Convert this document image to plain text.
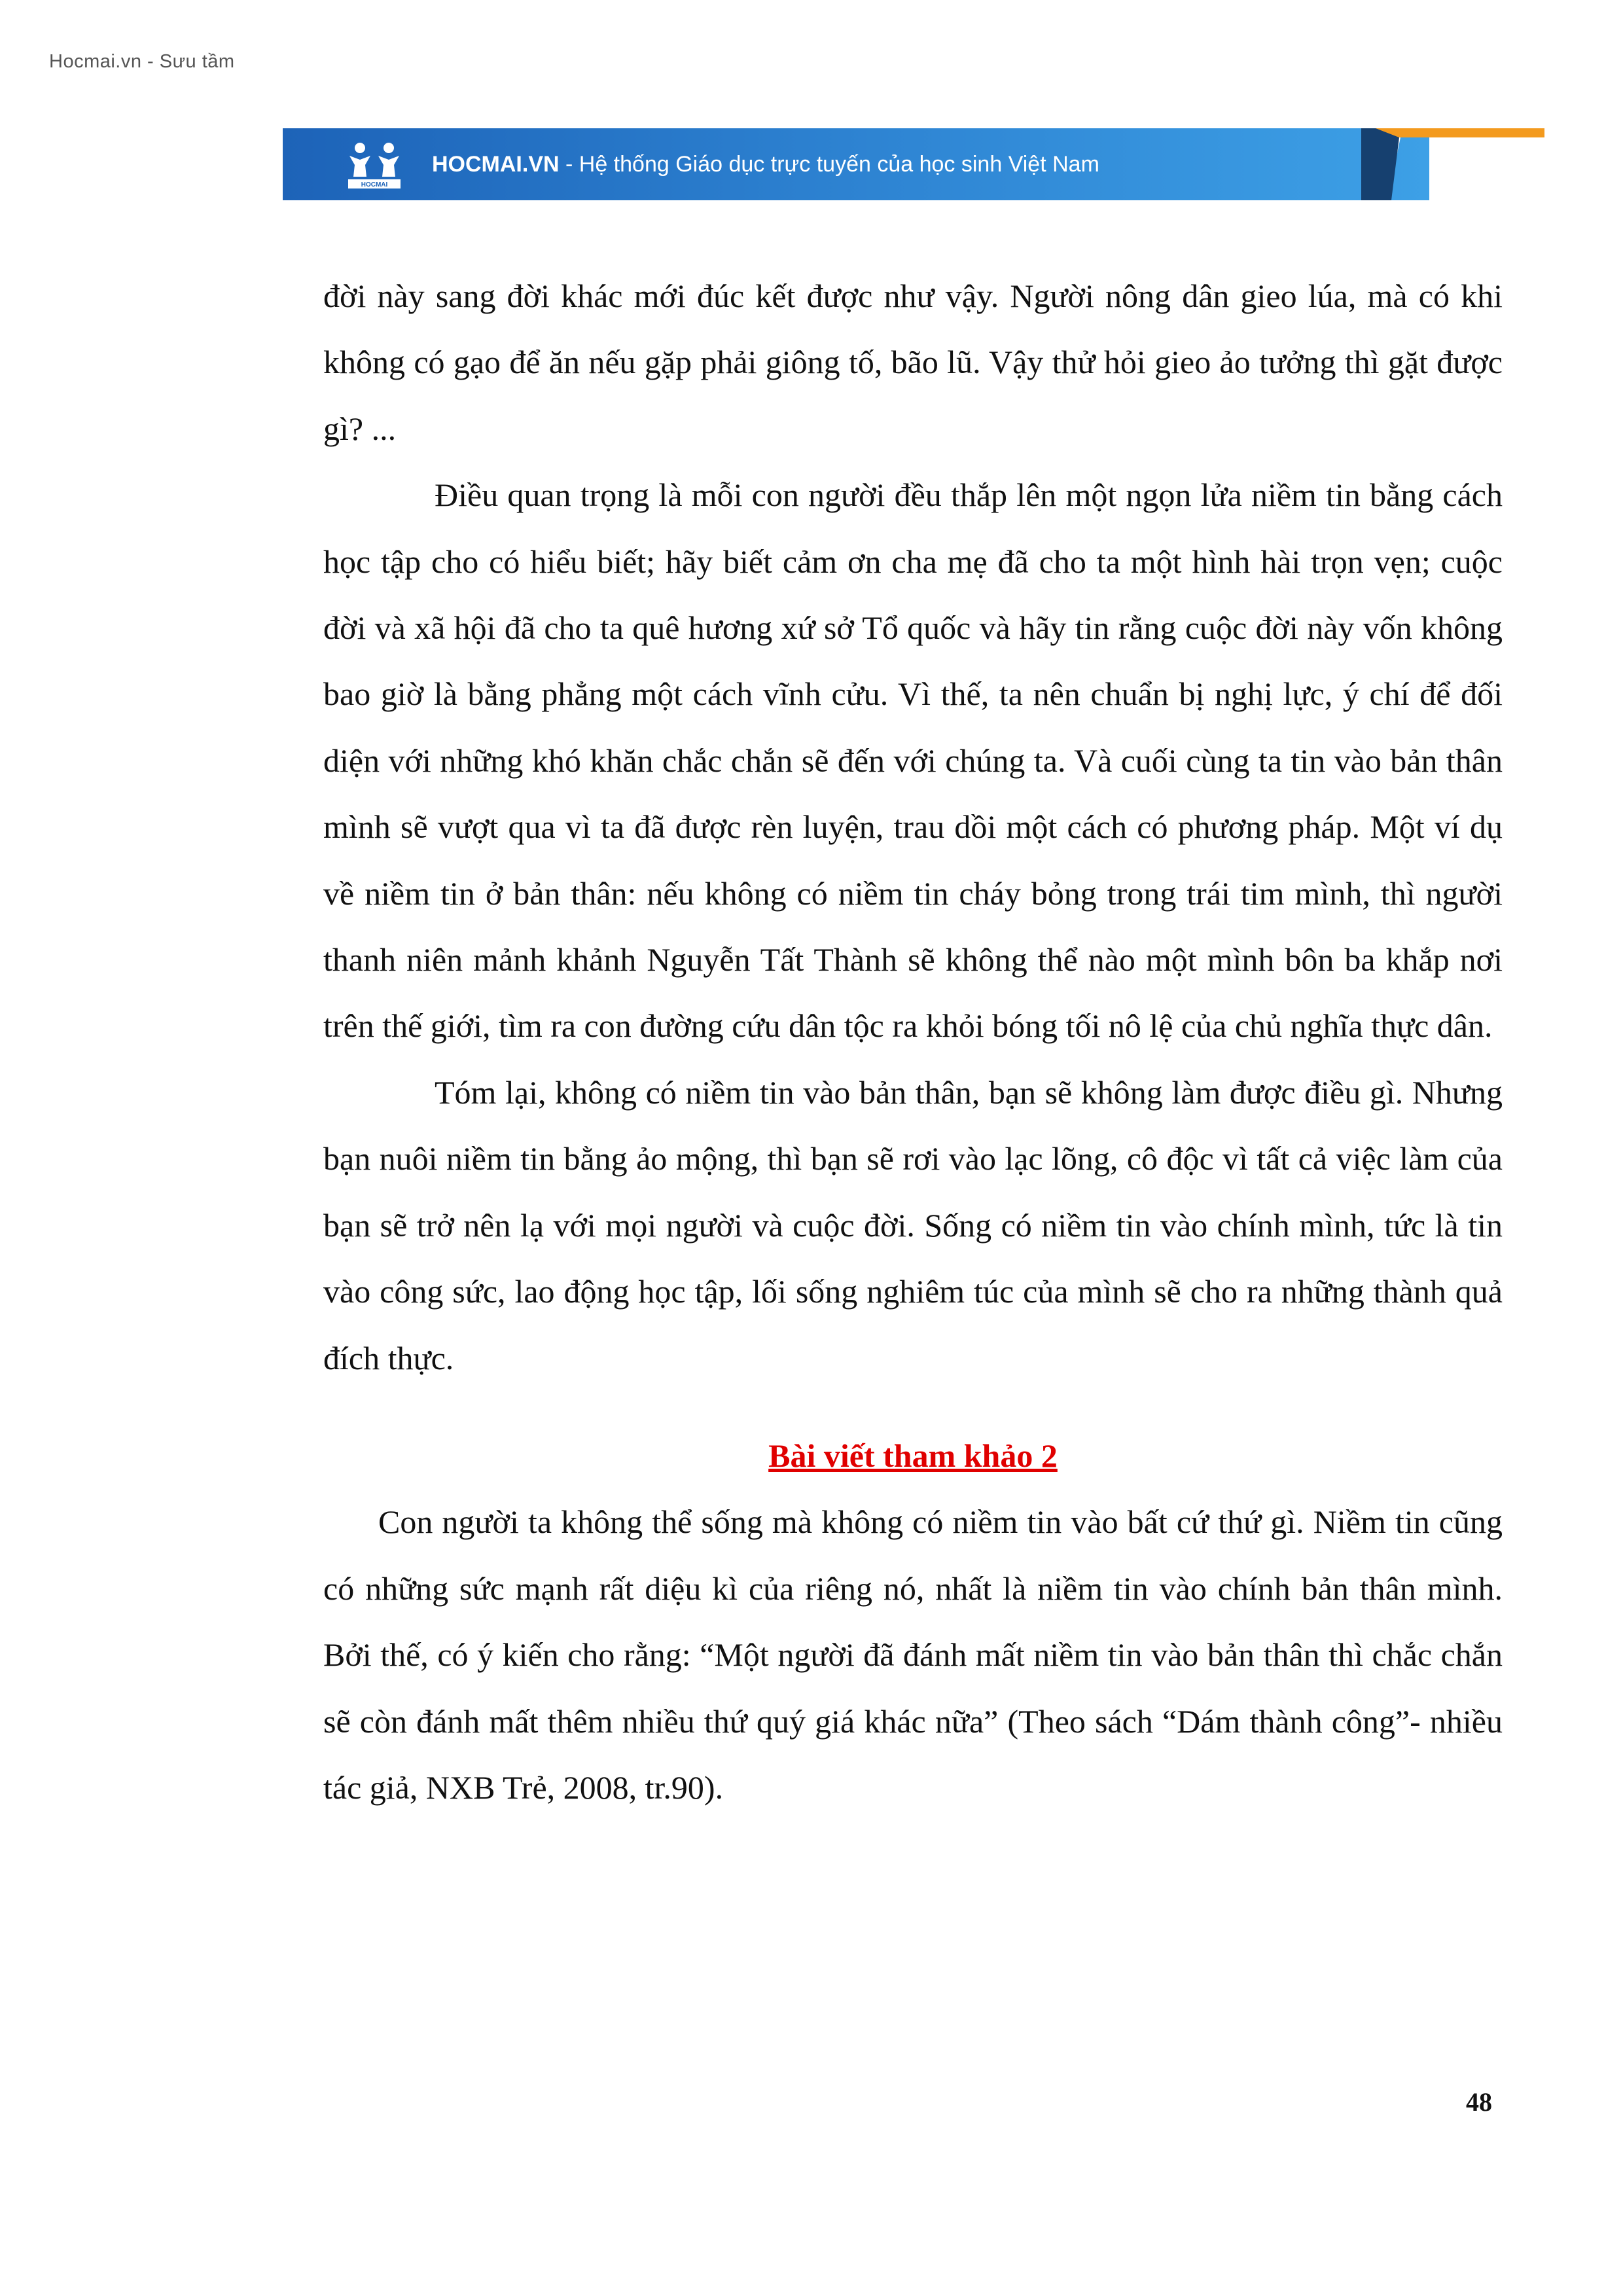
Hocmai.vn - Sưu tầm
HOCMAI
HOCMAI.VN - Hệ thống Giáo dục trực tuyến của học sinh Việt Nam

đời này sang đời khác mới đúc kết được như vậy. Người nông dân gieo lúa, mà có khi không có gạo để ăn nếu gặp phải giông tố, bão lũ. Vậy thử hỏi gieo ảo tưởng thì gặt được gì? ...

Điều quan trọng là mỗi con người đều thắp lên một ngọn lửa niềm tin bằng cách học tập cho có hiểu biết; hãy biết cảm ơn cha mẹ đã cho ta một hình hài trọn vẹn; cuộc đời và xã hội đã cho ta quê hương xứ sở Tổ quốc và hãy tin rằng cuộc đời này vốn không bao giờ là bằng phẳng một cách vĩnh cửu. Vì thế, ta nên chuẩn bị nghị lực, ý chí để đối diện với những khó khăn chắc chắn sẽ đến với chúng ta. Và cuối cùng ta tin vào bản thân mình sẽ vượt qua vì ta đã được rèn luyện, trau dồi một cách có phương pháp. Một ví dụ về niềm tin ở bản thân: nếu không có niềm tin cháy bỏng trong trái tim mình, thì người thanh niên mảnh khảnh Nguyễn Tất Thành sẽ không thể nào một mình bôn ba khắp nơi trên thế giới, tìm ra con đường cứu dân tộc ra khỏi bóng tối nô lệ của chủ nghĩa thực dân.

Tóm lại, không có niềm tin vào bản thân, bạn sẽ không làm được điều gì. Nhưng bạn nuôi niềm tin bằng ảo mộng, thì bạn sẽ rơi vào lạc lõng, cô độc vì tất cả việc làm của bạn sẽ trở nên lạ với mọi người và cuộc đời. Sống có niềm tin vào chính mình, tức là tin vào công sức, lao động học tập, lối sống nghiêm túc của mình sẽ cho ra những thành quả đích thực.

Bài viết tham khảo 2

Con người ta không thể sống mà không có niềm tin vào bất cứ thứ gì. Niềm tin cũng có những sức mạnh rất diệu kì của riêng nó, nhất là niềm tin vào chính bản thân mình. Bởi thế, có ý kiến cho rằng: “Một người đã đánh mất niềm tin vào bản thân thì chắc chắn sẽ còn đánh mất thêm nhiều thứ quý giá khác nữa” (Theo sách “Dám thành công”- nhiều tác giả, NXB Trẻ, 2008, tr.90).

48
